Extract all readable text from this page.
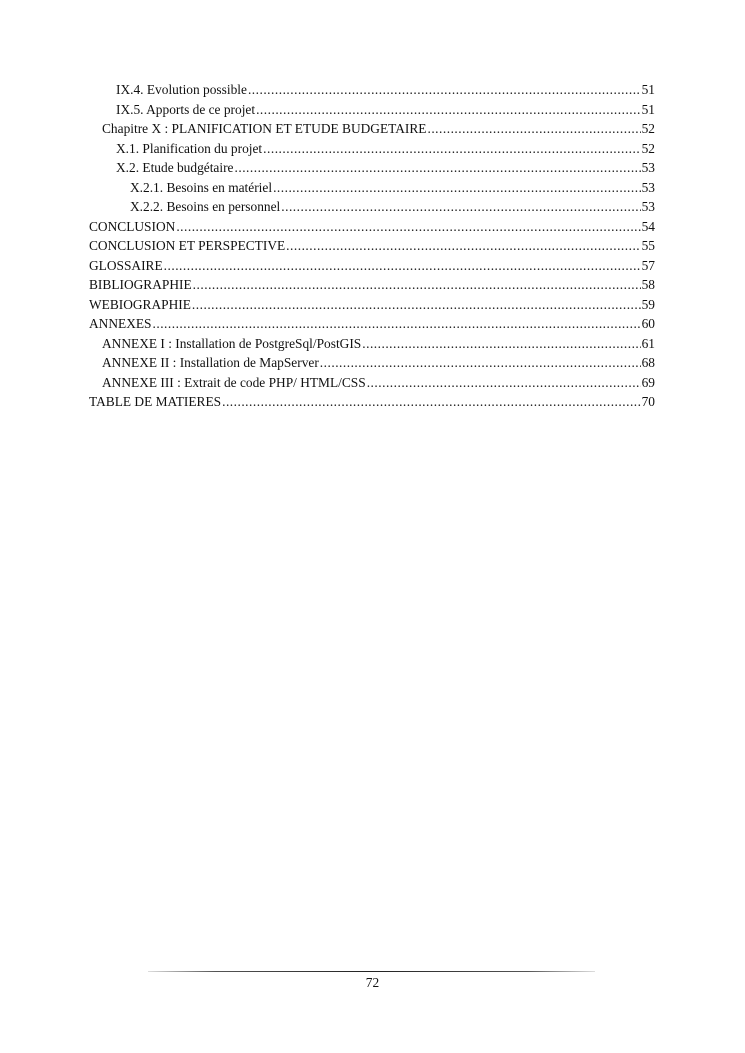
IX.4. Evolution possible .....	51
IX.5. Apports de ce projet .....	51
Chapitre X : PLANIFICATION ET ETUDE BUDGETAIRE .....	52
X.1. Planification du projet .....	52
X.2. Etude budgétaire .....	53
X.2.1. Besoins en matériel .....	53
X.2.2. Besoins en personnel .....	53
CONCLUSION .....	54
CONCLUSION ET PERSPECTIVE .....	55
GLOSSAIRE .....	57
BIBLIOGRAPHIE .....	58
WEBIOGRAPHIE .....	59
ANNEXES .....	60
ANNEXE I : Installation de PostgreSql/PostGIS .....	61
ANNEXE II : Installation de MapServer .....	68
ANNEXE III : Extrait de code PHP/ HTML/CSS .....	69
TABLE DE MATIERES .....	70
72
